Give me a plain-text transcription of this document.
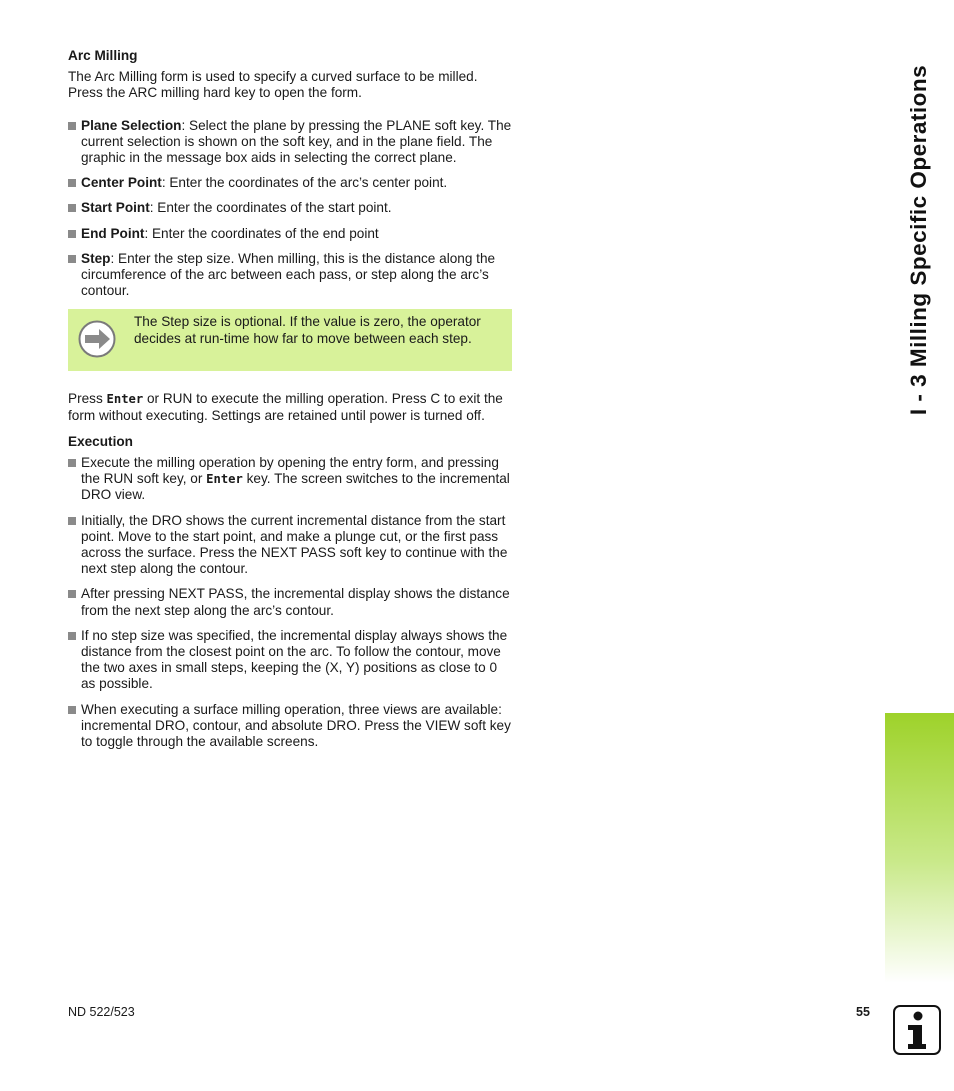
Arc Milling

The Arc Milling form is used to specify a curved surface to be milled. Press the ARC milling hard key to open the form.

Plane Selection: Select the plane by pressing the PLANE soft key. The current selection is shown on the soft key, and in the plane field. The graphic in the message box aids in selecting the correct plane.
Center Point: Enter the coordinates of the arc’s center point.
Start Point: Enter the coordinates of the start point.
End Point: Enter the coordinates of the end point
Step: Enter the step size. When milling, this is the distance along the circumference of the arc between each pass, or step along the arc’s contour.
The Step size is optional. If the value is zero, the operator decides at run-time how far to move between each step.

Press Enter or RUN to execute the milling operation. Press C to exit the form without executing. Settings are retained until power is turned off.

Execution
Execute the milling operation by opening the entry form, and pressing the RUN soft key, or Enter key. The screen switches to the incremental DRO view.
Initially, the DRO shows the current incremental distance from the start point. Move to the start point, and make a plunge cut, or the first pass across the surface. Press the NEXT PASS soft key to continue with the next step along the contour.
After pressing NEXT PASS, the incremental display shows the distance from the next step along the arc’s contour.
If no step size was specified, the incremental display always shows the distance from the closest point on the arc. To follow the contour, move the two axes in small steps, keeping the (X, Y) positions as close to 0 as possible.
When executing a surface milling operation, three views are available: incremental DRO, contour, and absolute DRO. Press the VIEW soft key to toggle through the available screens.
I - 3 Milling Specific Operations
ND 522/523	55
